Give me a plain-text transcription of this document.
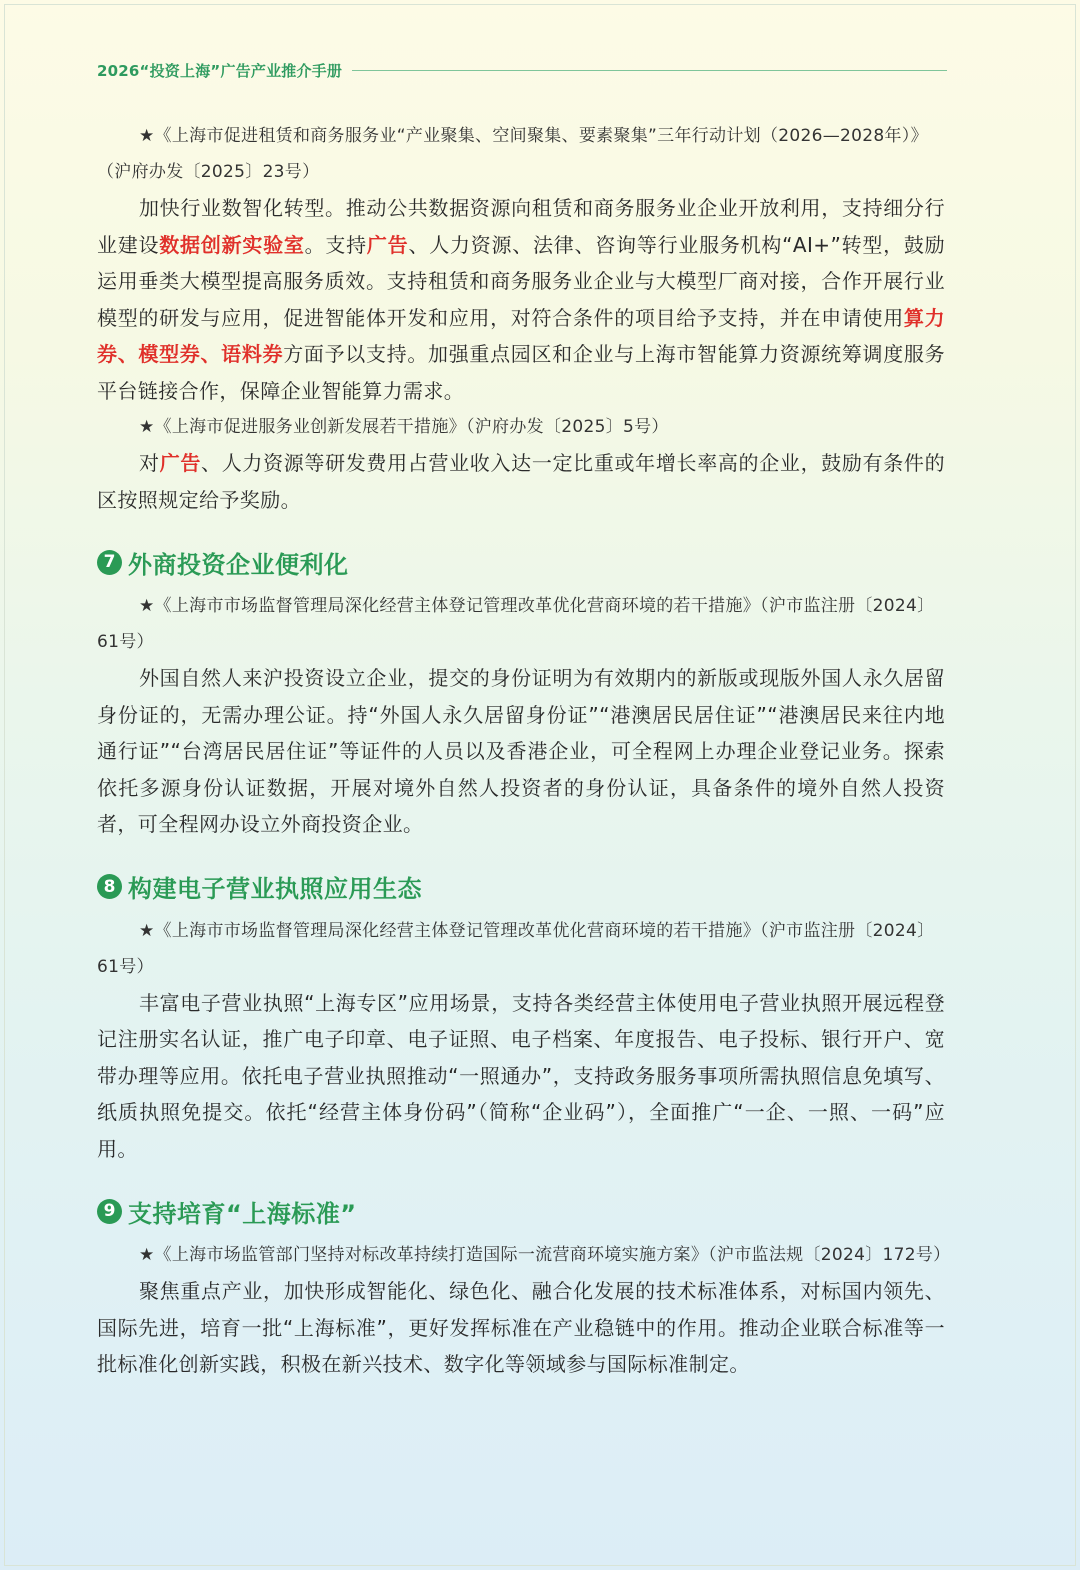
2026“投资上海”广告产业推介手册

★《上海市促进租赁和商务服务业“产业聚集、空间聚集、要素聚集”三年行动计划（2026—2028年）》（沪府办发〔2025〕23号）

加快行业数智化转型。推动公共数据资源向租赁和商务服务业企业开放利用，支持细分行业建设数据创新实验室。支持广告、人力资源、法律、咨询等行业服务机构“AI+”转型，鼓励运用垂类大模型提高服务质效。支持租赁和商务服务业企业与大模型厂商对接，合作开展行业模型的研发与应用，促进智能体开发和应用，对符合条件的项目给予支持，并在申请使用算力券、模型券、语料券方面予以支持。加强重点园区和企业与上海市智能算力资源统筹调度服务平台链接合作，保障企业智能算力需求。

★《上海市促进服务业创新发展若干措施》（沪府办发〔2025〕5号）

对广告、人力资源等研发费用占营业收入达一定比重或年增长率高的企业，鼓励有条件的区按照规定给予奖励。

7 外商投资企业便利化

★《上海市市场监督管理局深化经营主体登记管理改革优化营商环境的若干措施》（沪市监注册〔2024〕61号）

外国自然人来沪投资设立企业，提交的身份证明为有效期内的新版或现版外国人永久居留身份证的，无需办理公证。持“外国人永久居留身份证”“港澳居民居住证”“港澳居民来往内地通行证”“台湾居民居住证”等证件的人员以及香港企业，可全程网上办理企业登记业务。探索依托多源身份认证数据，开展对境外自然人投资者的身份认证，具备条件的境外自然人投资者，可全程网办设立外商投资企业。

8 构建电子营业执照应用生态

★《上海市市场监督管理局深化经营主体登记管理改革优化营商环境的若干措施》（沪市监注册〔2024〕61号）

丰富电子营业执照“上海专区”应用场景，支持各类经营主体使用电子营业执照开展远程登记注册实名认证，推广电子印章、电子证照、电子档案、年度报告、电子投标、银行开户、宽带办理等应用。依托电子营业执照推动“一照通办”，支持政务服务事项所需执照信息免填写、纸质执照免提交。依托“经营主体身份码”（简称“企业码”），全面推广“一企、一照、一码”应用。

9 支持培育“上海标准”

★《上海市场监管部门坚持对标改革持续打造国际一流营商环境实施方案》（沪市监法规〔2024〕172号）

聚焦重点产业，加快形成智能化、绿色化、融合化发展的技术标准体系，对标国内领先、国际先进，培育一批“上海标准”，更好发挥标准在产业稳链中的作用。推动企业联合标准等一批标准化创新实践，积极在新兴技术、数字化等领域参与国际标准制定。
